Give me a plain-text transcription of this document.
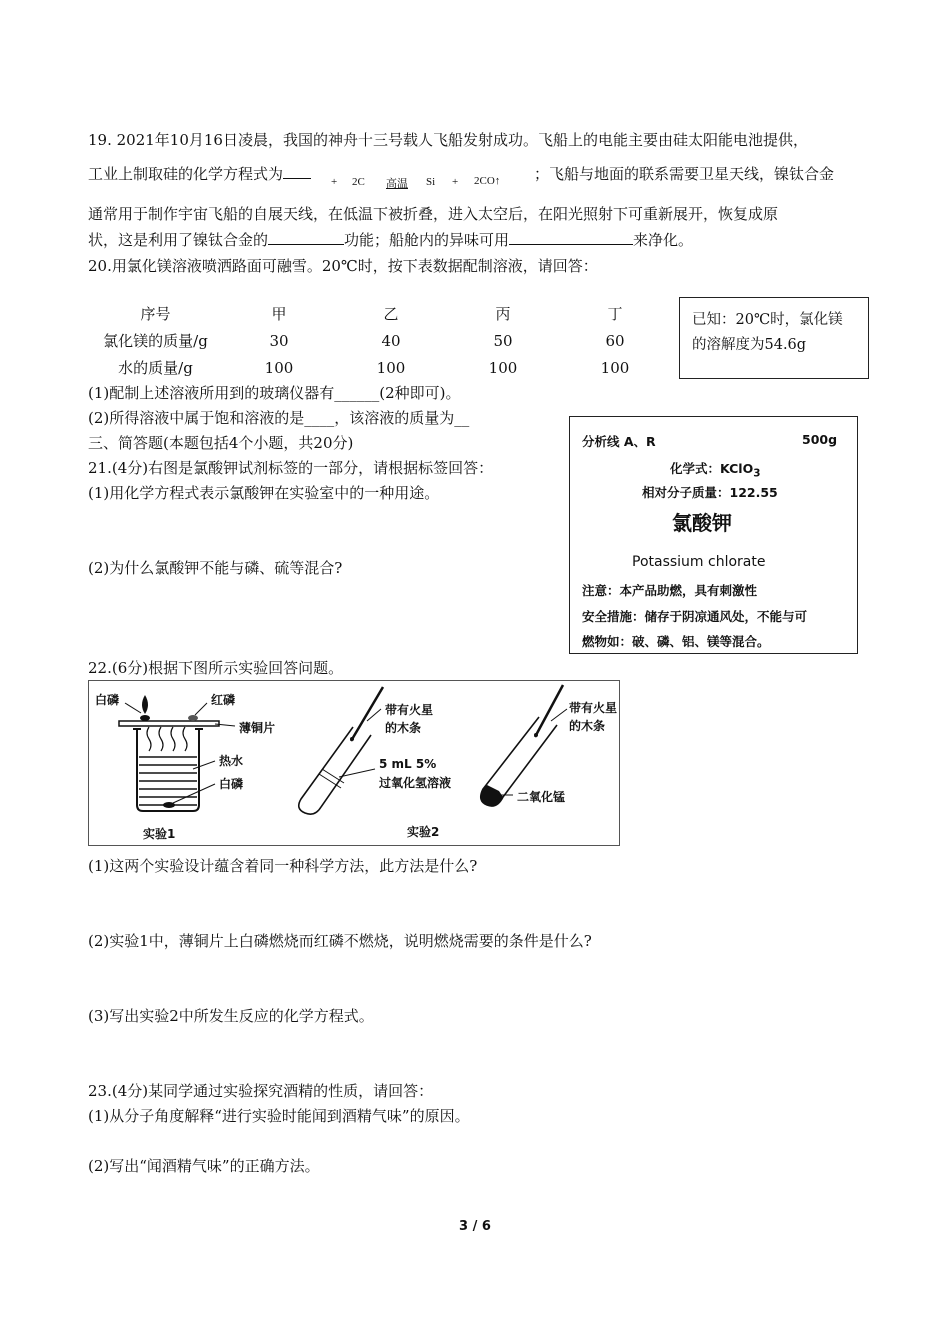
19. 2021年10月16日凌晨，我国的神舟十三号载人飞船发射成功。飞船上的电能主要由硅太阳能电池提供，
工业上制取硅的化学方程式为	+ 2C 高温 Si + 2CO↑ ；飞船与地面的联系需要卫星天线，镍钛合金
通常用于制作宇宙飞船的自展天线，在低温下被折叠，进入太空后，在阳光照射下可重新展开，恢复成原
状，这是利用了镍钛合金的	功能；船舱内的异味可用	来净化。
20.用氯化镁溶液喷洒路面可融雪。20℃时，按下表数据配制溶液，请回答：
序号	甲	乙	丙	丁
氯化镁的质量/g	30	40	50	60
水的质量/g	100	100	100	100
已知：20℃时，氯化镁的溶解度为54.6g
(1)配制上述溶液所用到的玻璃仪器有______(2种即可)。
(2)所得溶液中属于饱和溶液的是____，该溶液的质量为__
三、简答题(本题包括4个小题，共20分)
21.(4分)右图是氯酸钾试剂标签的一部分，请根据标签回答：
(1)用化学方程式表示氯酸钾在实验室中的一种用途。
(2)为什么氯酸钾不能与磷、硫等混合?
分析线 A、R	500g
化学式：KClO$_3$
相对分子质量：122.55
氯酸钾
Potassium chlorate
注意：本产品助燃，具有刺激性
安全措施：储存于阴凉通风处，不能与可
燃物如：破、磷、铝、镁等混合。
22.(6分)根据下图所示实验回答问题。
白磷	红磷
薄铜片
热水
白磷
实验1
带有火星
的木条
5 mL 5%
过氧化氢溶液
带有火星
的木条
二氧化锰
实验2
(1)这两个实验设计蕴含着同一种科学方法，此方法是什么?
(2)实验1中，薄铜片上白磷燃烧而红磷不燃烧，说明燃烧需要的条件是什么?
(3)写出实验2中所发生反应的化学方程式。
23.(4分)某同学通过实验探究酒精的性质，请回答：
(1)从分子角度解释“进行实验时能闻到酒精气味”的原因。
(2)写出“闻酒精气味”的正确方法。
3 / 6
